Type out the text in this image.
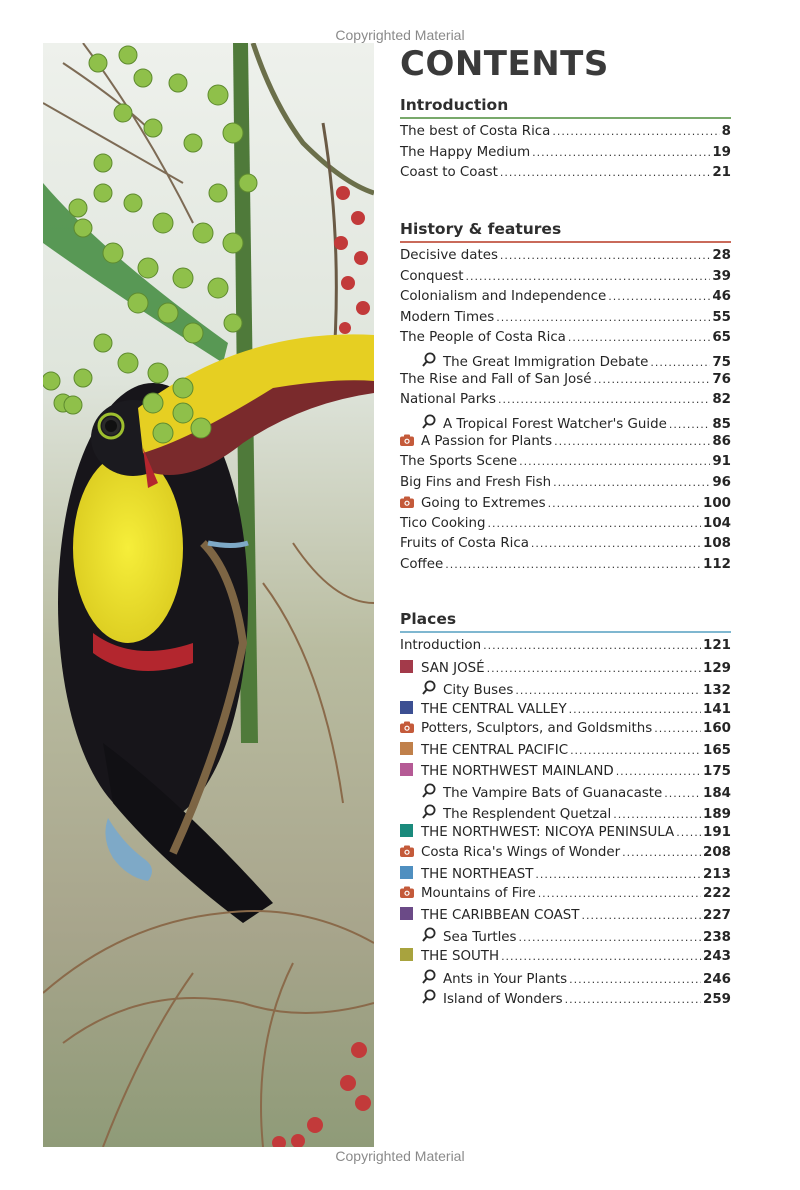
Copyrighted Material
CONTENTS
Introduction
The best of Costa Rica .....	8
The Happy Medium .....	19
Coast to Coast .....	21
History & features
Decisive dates .....	28
Conquest .....	39
Colonialism and Independence .....	46
Modern Times .....	55
The People of Costa Rica .....	65
The Great Immigration Debate .....	75
The Rise and Fall of San José .....	76
National Parks .....	82
A Tropical Forest Watcher's Guide .....	85
A Passion for Plants .....	86
The Sports Scene .....	91
Big Fins and Fresh Fish .....	96
Going to Extremes .....	100
Tico Cooking .....	104
Fruits of Costa Rica .....	108
Coffee .....	112
Places
Introduction .....	121
SAN JOSÉ .....	129
City Buses .....	132
THE CENTRAL VALLEY .....	141
Potters, Sculptors, and Goldsmiths .....	160
THE CENTRAL PACIFIC .....	165
THE NORTHWEST MAINLAND .....	175
The Vampire Bats of Guanacaste .....	184
The Resplendent Quetzal .....	189
THE NORTHWEST: NICOYA PENINSULA ..... 191
Costa Rica's Wings of Wonder .....	208
THE NORTHEAST .....	213
Mountains of Fire .....	222
THE CARIBBEAN COAST .....	227
Sea Turtles .....	238
THE SOUTH .....	243
Ants in Your Plants .....	246
Island of Wonders .....	259
Copyrighted Material
